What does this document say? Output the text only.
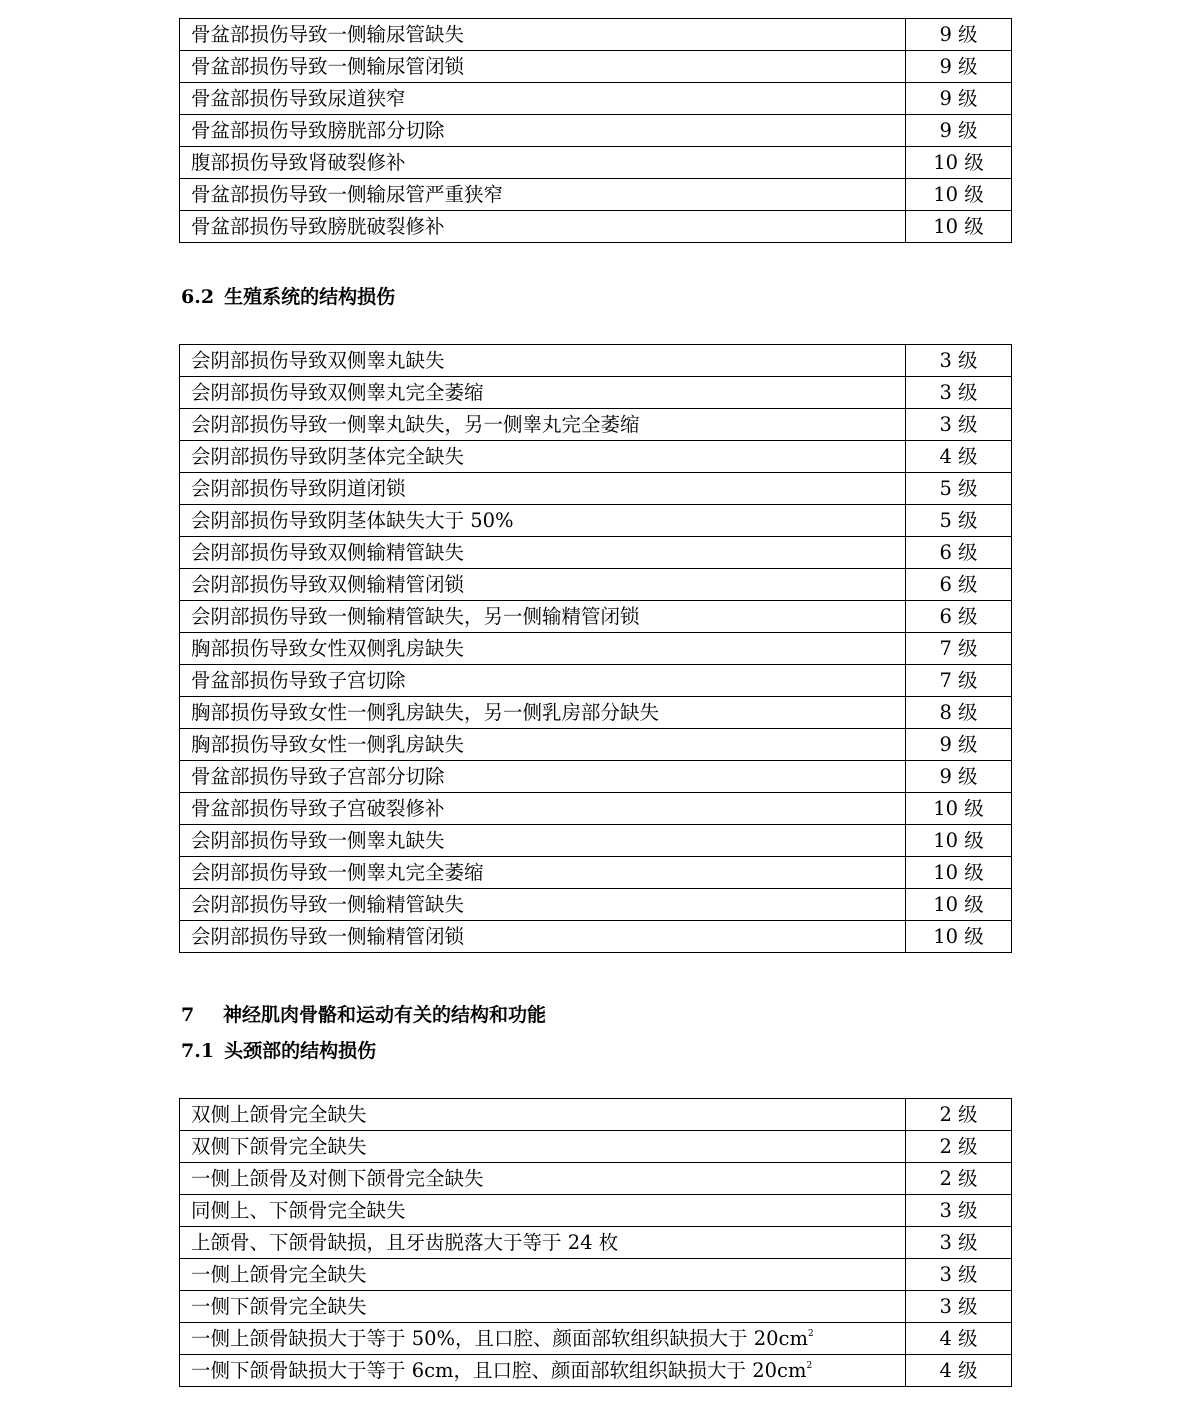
骨盆部损伤导致一侧输尿管缺失	9 级
骨盆部损伤导致一侧输尿管闭锁	9 级
骨盆部损伤导致尿道狭窄	9 级
骨盆部损伤导致膀胱部分切除	9 级
腹部损伤导致肾破裂修补	10 级
骨盆部损伤导致一侧输尿管严重狭窄	10 级
骨盆部损伤导致膀胱破裂修补	10 级
6.2 生殖系统的结构损伤
会阴部损伤导致双侧睾丸缺失	3 级
会阴部损伤导致双侧睾丸完全萎缩	3 级
会阴部损伤导致一侧睾丸缺失，另一侧睾丸完全萎缩	3 级
会阴部损伤导致阴茎体完全缺失	4 级
会阴部损伤导致阴道闭锁	5 级
会阴部损伤导致阴茎体缺失大于 50%	5 级
会阴部损伤导致双侧输精管缺失	6 级
会阴部损伤导致双侧输精管闭锁	6 级
会阴部损伤导致一侧输精管缺失，另一侧输精管闭锁	6 级
胸部损伤导致女性双侧乳房缺失	7 级
骨盆部损伤导致子宫切除	7 级
胸部损伤导致女性一侧乳房缺失，另一侧乳房部分缺失	8 级
胸部损伤导致女性一侧乳房缺失	9 级
骨盆部损伤导致子宫部分切除	9 级
骨盆部损伤导致子宫破裂修补	10 级
会阴部损伤导致一侧睾丸缺失	10 级
会阴部损伤导致一侧睾丸完全萎缩	10 级
会阴部损伤导致一侧输精管缺失	10 级
会阴部损伤导致一侧输精管闭锁	10 级
7 神经肌肉骨骼和运动有关的结构和功能
7.1 头颈部的结构损伤
双侧上颌骨完全缺失	2 级
双侧下颌骨完全缺失	2 级
一侧上颌骨及对侧下颌骨完全缺失	2 级
同侧上、下颌骨完全缺失	3 级
上颌骨、下颌骨缺损，且牙齿脱落大于等于 24 枚	3 级
一侧上颌骨完全缺失	3 级
一侧下颌骨完全缺失	3 级
一侧上颌骨缺损大于等于 50%，且口腔、颜面部软组织缺损大于 $20cm^2$	4 级
一侧下颌骨缺损大于等于 6cm，且口腔、颜面部软组织缺损大于 $20cm^2$	4 级
